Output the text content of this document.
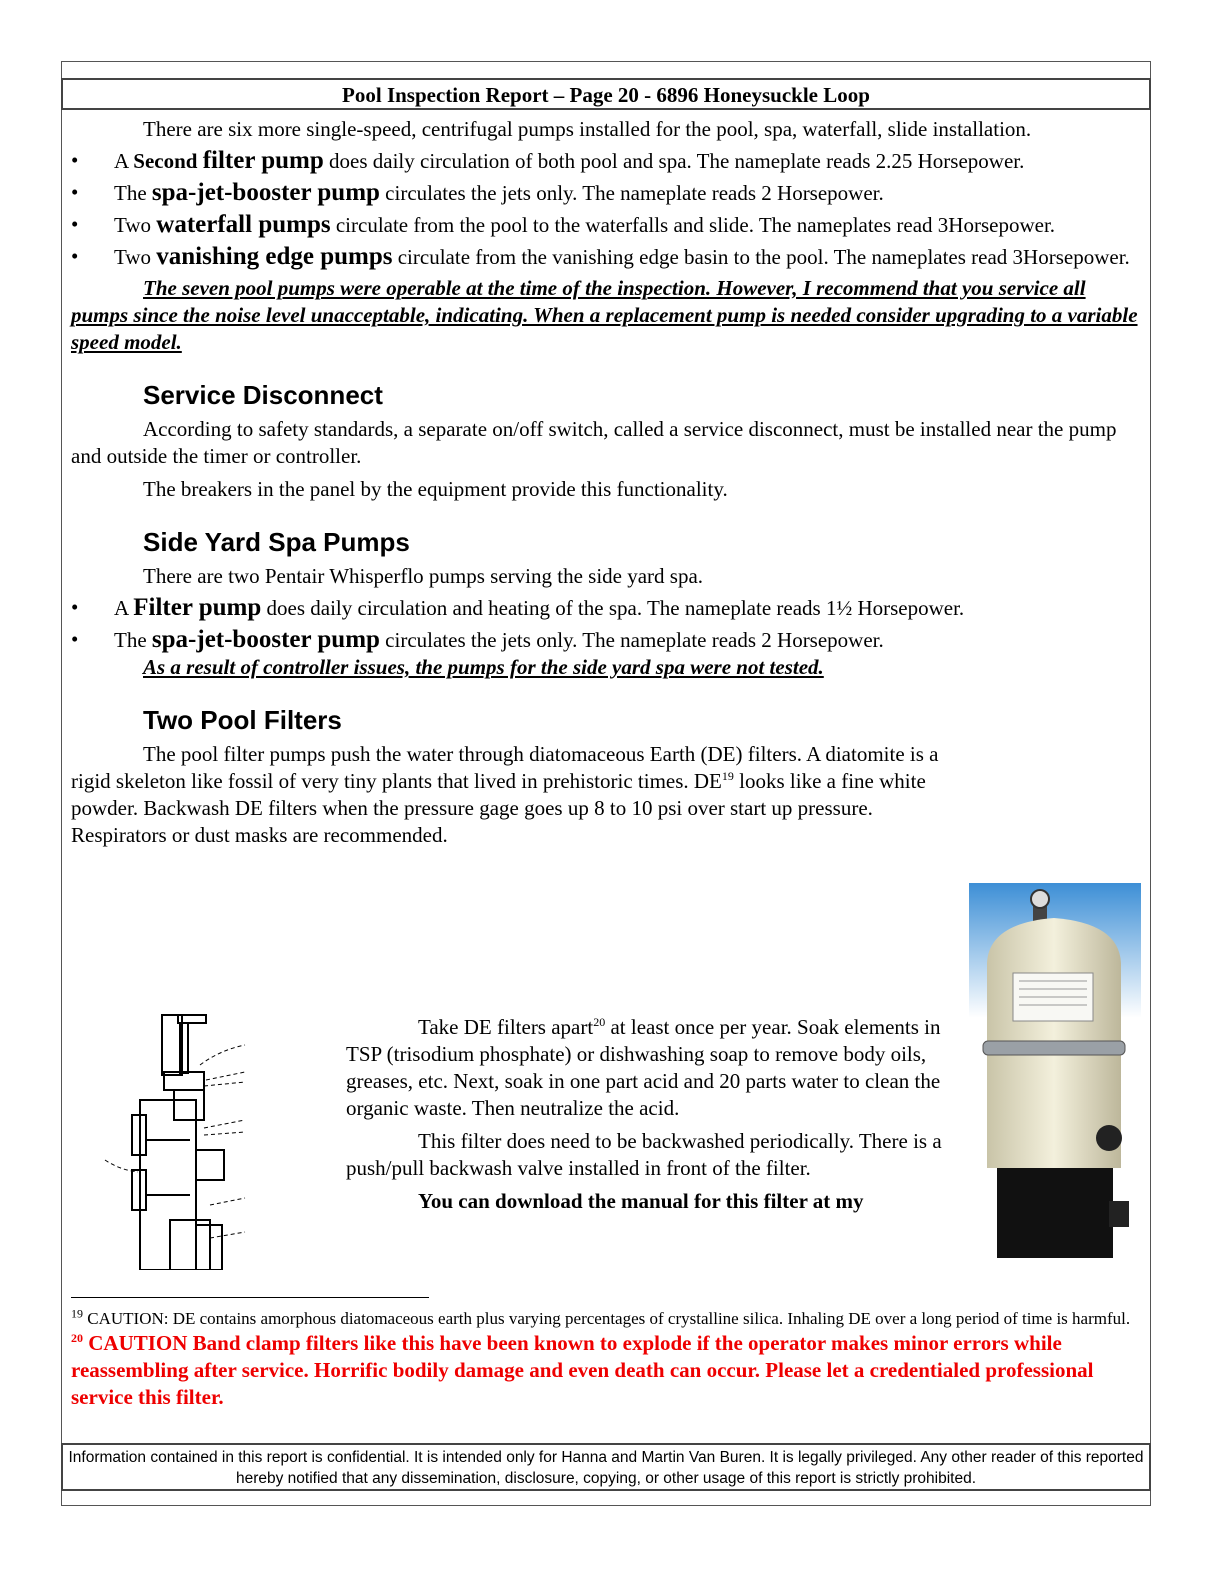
Pool Inspection Report – Page 20 - 6896 Honeysuckle Loop

There are six more single-speed, centrifugal pumps installed for the pool, spa, waterfall, slide installation.

• A Second filter pump does daily circulation of both pool and spa. The nameplate reads 2.25 Horsepower.
• The spa-jet-booster pump circulates the jets only. The nameplate reads 2 Horsepower.
• Two waterfall pumps circulate from the pool to the waterfalls and slide. The nameplates read 3Horsepower.
• Two vanishing edge pumps circulate from the vanishing edge basin to the pool. The nameplates read 3Horsepower.

The seven pool pumps were operable at the time of the inspection. However, I recommend that you service all pumps since the noise level unacceptable, indicating. When a replacement pump is needed consider upgrading to a variable speed model.

Service Disconnect

According to safety standards, a separate on/off switch, called a service disconnect, must be installed near the pump and outside the timer or controller.

The breakers in the panel by the equipment provide this functionality.

Side Yard Spa Pumps

There are two Pentair Whisperflo pumps serving the side yard spa.

• A Filter pump does daily circulation and heating of the spa. The nameplate reads 1½ Horsepower.
• The spa-jet-booster pump circulates the jets only. The nameplate reads 2 Horsepower.

As a result of controller issues, the pumps for the side yard spa were not tested.

Two Pool Filters

The pool filter pumps push the water through diatomaceous Earth (DE) filters. A diatomite is a rigid skeleton like fossil of very tiny plants that lived in prehistoric times. DE$^{19}$ looks like a fine white powder. Backwash DE filters when the pressure gage goes up 8 to 10 psi over start up pressure. Respirators or dust masks are recommended.

Take DE filters apart$^{20}$ at least once per year. Soak elements in TSP (trisodium phosphate) or dishwashing soap to remove body oils, greases, etc. Next, soak in one part acid and 20 parts water to clean the organic waste. Then neutralize the acid.

This filter does need to be backwashed periodically. There is a push/pull backwash valve installed in front of the filter.

You can download the manual for this filter at my

$^{19}$ CAUTION: DE contains amorphous diatomaceous earth plus varying percentages of crystalline silica. Inhaling DE over a long period of time is harmful.

$^{20}$ CAUTION Band clamp filters like this have been known to explode if the operator makes minor errors while reassembling after service. Horrific bodily damage and even death can occur. Please let a credentialed professional service this filter.

Information contained in this report is confidential. It is intended only for Hanna and Martin Van Buren. It is legally privileged. Any other reader of this reported hereby notified that any dissemination, disclosure, copying, or other usage of this report is strictly prohibited.
